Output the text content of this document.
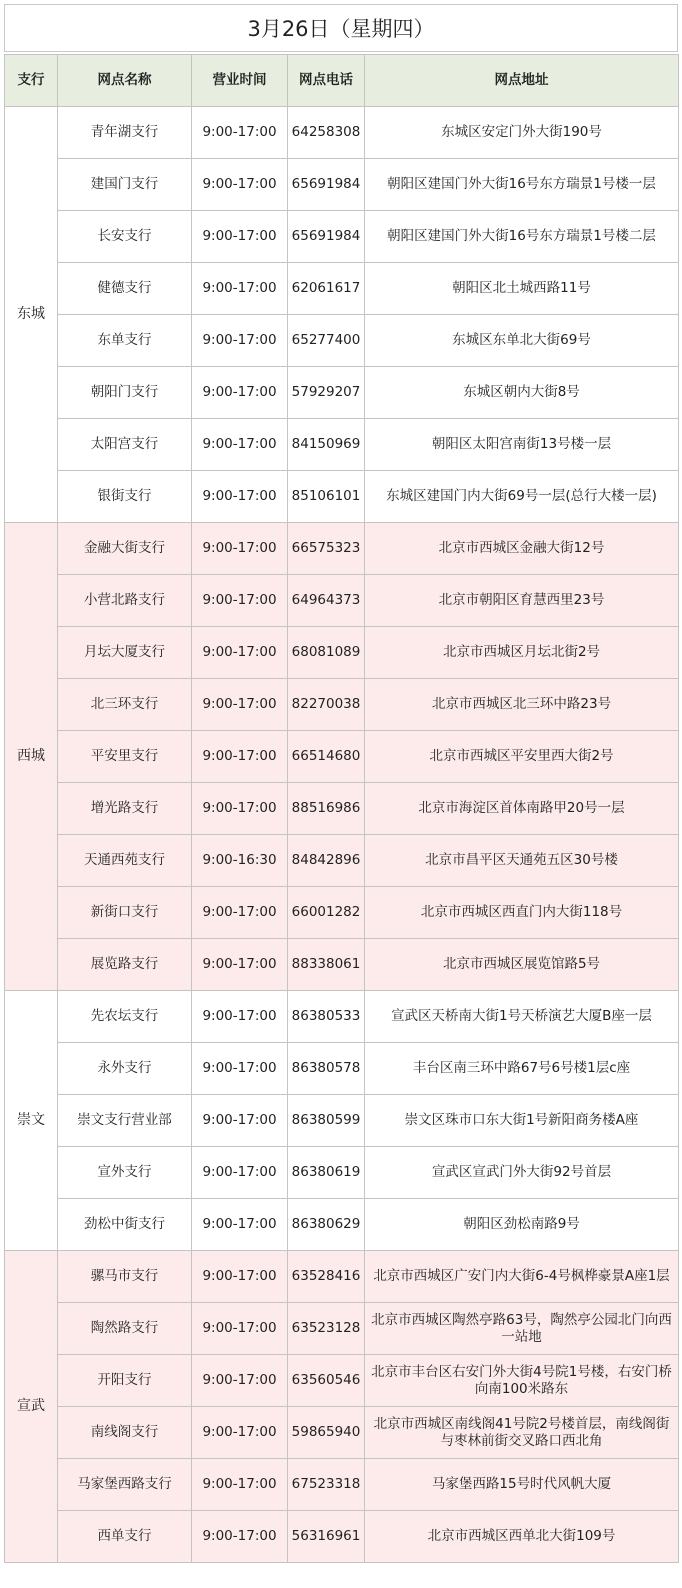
3月26日（星期四）
支行	网点名称	营业时间	网点电话	网点地址
东城	青年湖支行	9:00-17:00	64258308	东城区安定门外大街190号
	建国门支行	9:00-17:00	65691984	朝阳区建国门外大街16号东方瑞景1号楼一层
	长安支行	9:00-17:00	65691984	朝阳区建国门外大街16号东方瑞景1号楼二层
	健德支行	9:00-17:00	62061617	朝阳区北土城西路11号
	东单支行	9:00-17:00	65277400	东城区东单北大街69号
	朝阳门支行	9:00-17:00	57929207	东城区朝内大街8号
	太阳宫支行	9:00-17:00	84150969	朝阳区太阳宫南街13号楼一层
	银街支行	9:00-17:00	85106101	东城区建国门内大街69号一层(总行大楼一层)
西城	金融大街支行	9:00-17:00	66575323	北京市西城区金融大街12号
	小营北路支行	9:00-17:00	64964373	北京市朝阳区育慧西里23号
	月坛大厦支行	9:00-17:00	68081089	北京市西城区月坛北街2号
	北三环支行	9:00-17:00	82270038	北京市西城区北三环中路23号
	平安里支行	9:00-17:00	66514680	北京市西城区平安里西大街2号
	增光路支行	9:00-17:00	88516986	北京市海淀区首体南路甲20号一层
	天通西苑支行	9:00-16:30	84842896	北京市昌平区天通苑五区30号楼
	新街口支行	9:00-17:00	66001282	北京市西城区西直门内大街118号
	展览路支行	9:00-17:00	88338061	北京市西城区展览馆路5号
崇文	先农坛支行	9:00-17:00	86380533	宣武区天桥南大街1号天桥演艺大厦B座一层
	永外支行	9:00-17:00	86380578	丰台区南三环中路67号6号楼1层c座
	崇文支行营业部	9:00-17:00	86380599	崇文区珠市口东大街1号新阳商务楼A座
	宣外支行	9:00-17:00	86380619	宣武区宣武门外大街92号首层
	劲松中街支行	9:00-17:00	86380629	朝阳区劲松南路9号
宣武	骡马市支行	9:00-17:00	63528416	北京市西城区广安门内大街6-4号枫桦豪景A座1层
	陶然路支行	9:00-17:00	63523128	北京市西城区陶然亭路63号，陶然亭公园北门向西一站地
	开阳支行	9:00-17:00	63560546	北京市丰台区右安门外大街4号院1号楼，右安门桥向南100米路东
	南线阁支行	9:00-17:00	59865940	北京市西城区南线阁41号院2号楼首层，南线阁街与枣林前街交叉路口西北角
	马家堡西路支行	9:00-17:00	67523318	马家堡西路15号时代风帆大厦
	西单支行	9:00-17:00	56316961	北京市西城区西单北大街109号
